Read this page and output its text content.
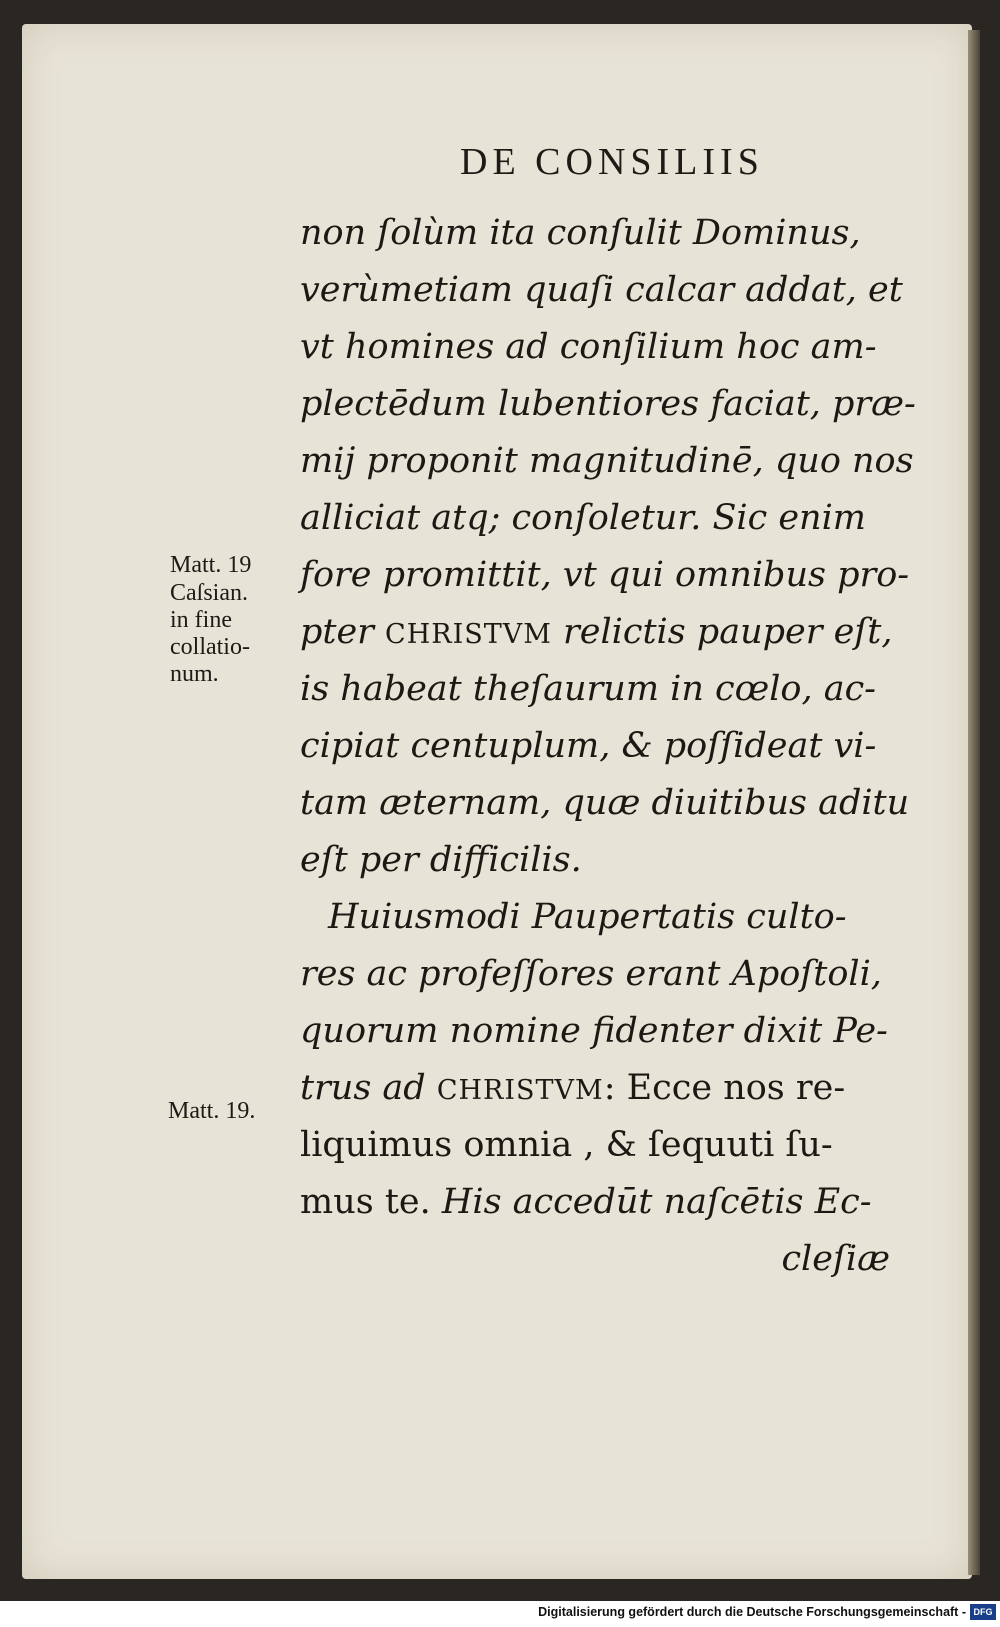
DE CONSILIIS
non ſolùm ita conſulit Dominus,
verùmetiam quaſi calcar addat, et
vt homines ad conſilium hoc am-
plectēdum lubentiores faciat, præ-
mij proponit magnitudinē, quo nos
alliciat atq; conſoletur. Sic enim
fore promittit, vt qui omnibus pro-
pter CHRISTVM relictis pauper eſt,
is habeat theſaurum in cœlo, ac-
cipiat centuplum, & poſſideat vi-
tam æternam, quæ diuitibus aditu
eſt per difficilis.
Huiusmodi Paupertatis culto-
res ac profeſſores erant Apoſtoli,
quorum nomine fidenter dixit Pe-
trus ad CHRISTVM: Ecce nos re-
liquimus omnia , & ſequuti ſu-
mus te. His accedūt naſcētis Ec-
cleſiæ
Matt. 19
Caſsian.
in fine
collatio-
num.
Matt. 19.
Digitalisierung gefördert durch die Deutsche Forschungsgemeinschaft - DFG
